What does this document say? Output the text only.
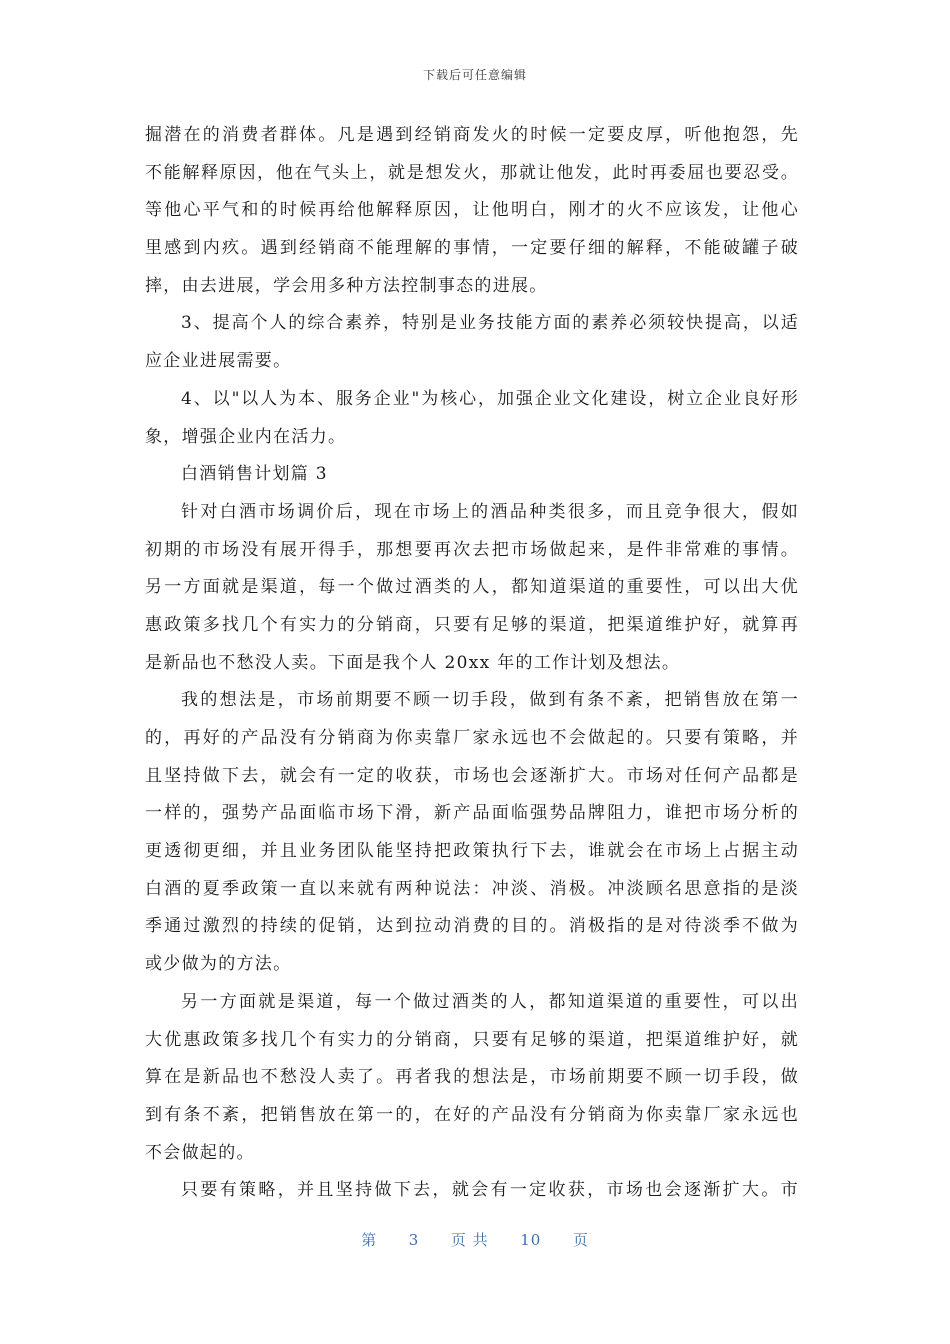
下载后可任意编辑

掘潜在的消费者群体。凡是遇到经销商发火的时候一定要皮厚，听他抱怨，先
不能解释原因，他在气头上，就是想发火，那就让他发，此时再委屈也要忍受。
等他心平气和的时候再给他解释原因，让他明白，刚才的火不应该发，让他心
里感到内疚。遇到经销商不能理解的事情，一定要仔细的解释，不能破罐子破
摔，由去进展，学会用多种方法控制事态的进展。

3、提高个人的综合素养，特别是业务技能方面的素养必须较快提高，以适
应企业进展需要。

4、以"以人为本、服务企业"为核心，加强企业文化建设，树立企业良好形
象，增强企业内在活力。

白酒销售计划篇 3

针对白酒市场调价后，现在市场上的酒品种类很多，而且竞争很大，假如
初期的市场没有展开得手，那想要再次去把市场做起来，是件非常难的事情。
另一方面就是渠道，每一个做过酒类的人，都知道渠道的重要性，可以出大优
惠政策多找几个有实力的分销商，只要有足够的渠道，把渠道维护好，就算再
是新品也不愁没人卖。下面是我个人 20xx 年的工作计划及想法。

我的想法是，市场前期要不顾一切手段，做到有条不紊，把销售放在第一
的，再好的产品没有分销商为你卖靠厂家永远也不会做起的。只要有策略，并
且坚持做下去，就会有一定的收获，市场也会逐渐扩大。市场对任何产品都是
一样的，强势产品面临市场下滑，新产品面临强势品牌阻力，谁把市场分析的
更透彻更细，并且业务团队能坚持把政策执行下去，谁就会在市场上占据主动
白酒的夏季政策一直以来就有两种说法：冲淡、消极。冲淡顾名思意指的是淡
季通过激烈的持续的促销，达到拉动消费的目的。消极指的是对待淡季不做为
或少做为的方法。

另一方面就是渠道，每一个做过酒类的人，都知道渠道的重要性，可以出
大优惠政策多找几个有实力的分销商，只要有足够的渠道，把渠道维护好，就
算在是新品也不愁没人卖了。再者我的想法是，市场前期要不顾一切手段，做
到有条不紊，把销售放在第一的，在好的产品没有分销商为你卖靠厂家永远也
不会做起的。

只要有策略，并且坚持做下去，就会有一定收获，市场也会逐渐扩大。市

第 3 页 共 10 页
